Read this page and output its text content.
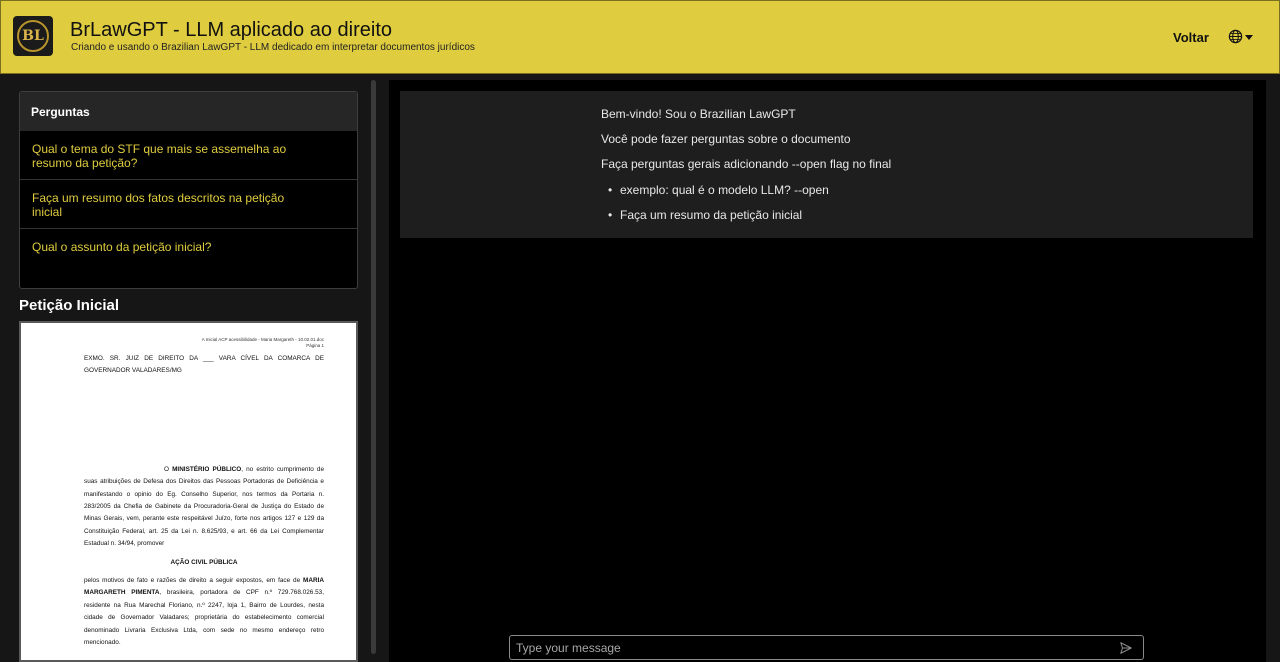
BL BrLawGPT - LLM aplicado ao direito
Criando e usando o Brazilian LawGPT - LLM dedicado em interpretar documentos jurídicos
Voltar
Perguntas
Qual o tema do STF que mais se assemelha ao resumo da petição?
Faça um resumo dos fatos descritos na petição inicial
Qual o assunto da petição inicial?
Petição Inicial
A Inicial ACP acessibilidade - Maria Margareth - 10.02.01.doc
Página 1
EXMO. SR. JUIZ DE DIREITO DA ___ VARA CÍVEL DA COMARCA DE GOVERNADOR VALADARES/MG
O MINISTÉRIO PÚBLICO, no estrito cumprimento de suas atribuições de Defesa dos Direitos das Pessoas Portadoras de Deficiência e manifestando o opinio do Eg. Conselho Superior, nos termos da Portaria n. 283/2005 da Chefia de Gabinete da Procuradoria-Geral de Justiça do Estado de Minas Gerais, vem, perante este respeitável Juízo, forte nos artigos 127 e 129 da Constituição Federal, art. 25 da Lei n. 8.625/93, e art. 66 da Lei Complementar Estadual n. 34/94, promover
AÇÃO CIVIL PÚBLICA
pelos motivos de fato e razões de direito a seguir expostos, em face de MARIA MARGARETH PIMENTA, brasileira, portadora de CPF n.º 729.768.026.53, residente na Rua Marechal Floriano, n.º 2247, loja 1, Bairro de Lourdes, nesta cidade de Governador Valadares; proprietária do estabelecimento comercial denominado Livraria Exclusiva Ltda, com sede no mesmo endereço retro mencionado.
Bem-vindo! Sou o Brazilian LawGPT
Você pode fazer perguntas sobre o documento
Faça perguntas gerais adicionando --open flag no final
• exemplo: qual é o modelo LLM? --open
• Faça um resumo da petição inicial
Type your message
